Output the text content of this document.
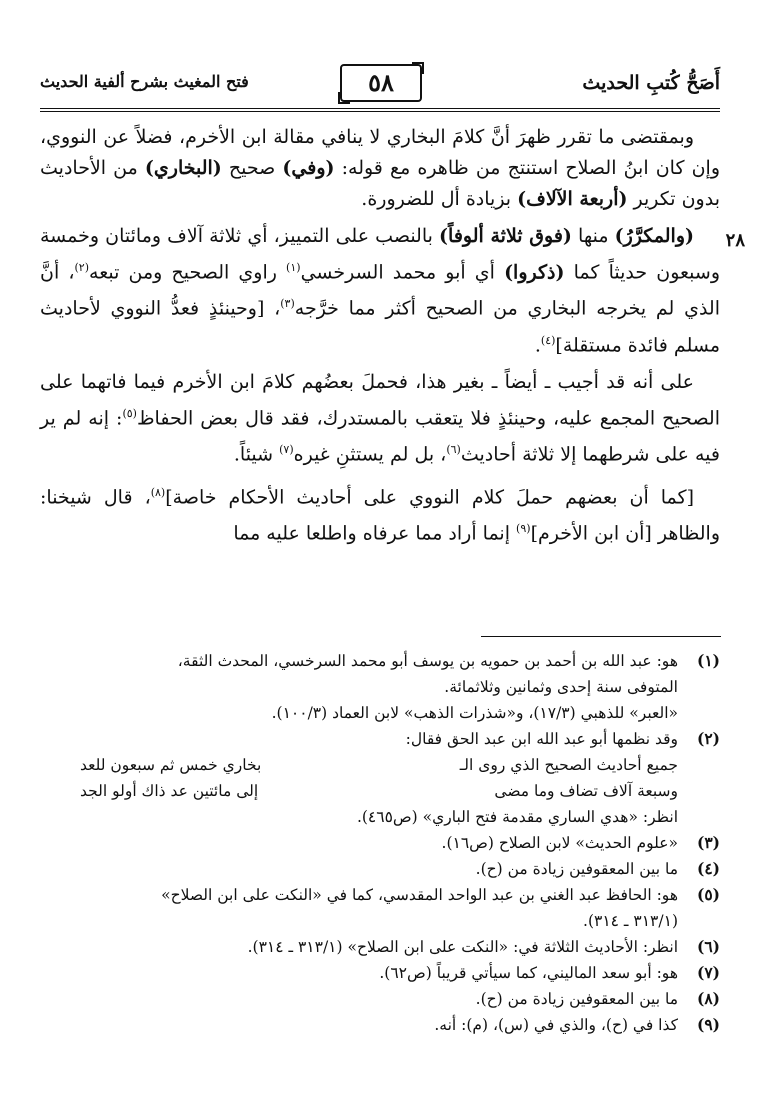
أَصَحُّ كُتبِ الحديث
٥٨
فتح المغيث بشرح ألفية الحديث
٢٨

وبمقتضى ما تقرر ظهرَ أنَّ كلامَ البخاري لا ينافي مقالة ابن الأخرم، فضلاً عن النووي، وإن كان ابنُ الصلاح استنتج من ظاهره مع قوله: (وفي) صحيح (البخاري) من الأحاديث بدون تكرير (أربعة الآلاف) بزيادة أل للضرورة.

(والمكرَّرُ) منها (فوق ثلاثة ألوفاً) بالنصب على التمييز، أي ثلاثة آلاف ومائتان وخمسة وسبعون حديثاً كما (ذكروا) أي أبو محمد السرخسي$^{(١)}$ راوي الصحيح ومن تبعه$^{(٢)}$، أنَّ الذي لم يخرجه البخاري من الصحيح أكثر مما خرَّجه$^{(٣)}$، [وحينئذٍ فعدُّ النووي لأحاديث مسلم فائدة مستقلة]$^{(٤)}$.

على أنه قد أجيب ـ أيضاً ـ بغير هذا، فحملَ بعضُهم كلامَ ابن الأخرم فيما فاتهما على الصحيح المجمع عليه، وحينئذٍ فلا يتعقب بالمستدرك، فقد قال بعض الحفاظ$^{(٥)}$: إنه لم ير فيه على شرطهما إلا ثلاثة أحاديث$^{(٦)}$، بل لم يستثنِ غيره$^{(٧)}$ شيئاً.

[كما أن بعضهم حملَ كلام النووي على أحاديث الأحكام خاصة]$^{(٨)}$، قال شيخنا: والظاهر [أن ابن الأخرم]$^{(٩)}$ إنما أراد مما عرفاه واطلعا عليه مما

(١)
هو: عبد الله بن أحمد بن حمويه بن يوسف أبو محمد السرخسي، المحدث الثقة،
المتوفى سنة إحدى وثمانين وثلاثمائة.
«العبر» للذهبي (١٧/٣)، و«شذرات الذهب» لابن العماد (١٠٠/٣).
(٢)
وقد نظمها أبو عبد الله ابن عبد الحق فقال:
جميع أحاديث الصحيح الذي روى الـ
بخاري خمس ثم سبعون للعد
وسبعة آلاف تضاف وما مضى
إلى مائتين عد ذاك أولو الجد
انظر: «هدي الساري مقدمة فتح الباري» (ص٤٦٥).
(٣)
«علوم الحديث» لابن الصلاح (ص١٦).
(٤)
ما بين المعقوفين زيادة من (ح).
(٥)
هو: الحافظ عبد الغني بن عبد الواحد المقدسي، كما في «النكت على ابن الصلاح»
(٣١٣/١ ـ ٣١٤).
(٦)
انظر: الأحاديث الثلاثة في: «النكت على ابن الصلاح» (٣١٣/١ ـ ٣١٤).
(٧)
هو: أبو سعد الماليني، كما سيأتي قريباً (ص٦٢).
(٨)
ما بين المعقوفين زيادة من (ح).
(٩)
كذا في (ح)، والذي في (س)، (م): أنه.
